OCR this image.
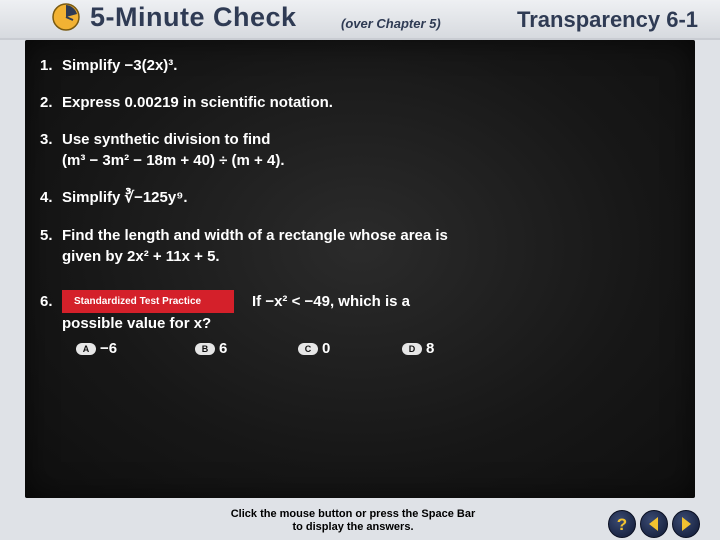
5-Minute Check	(over Chapter 5)	Transparency 6-1
1. Simplify −3(2x)³.
2. Express 0.00219 in scientific notation.
3. Use synthetic division to find
(m³ − 3m² − 18m + 40) ÷ (m + 4).
4. Simplify ∛−125y⁹.
5. Find the length and width of a rectangle whose area is
given by 2x² + 11x + 5.
6. Standardized Test Practice	If −x² < −49, which is a
possible value for x?
A −6	B 6	C 0	D 8
Click the mouse button or press the Space Bar to display the answers.	?
